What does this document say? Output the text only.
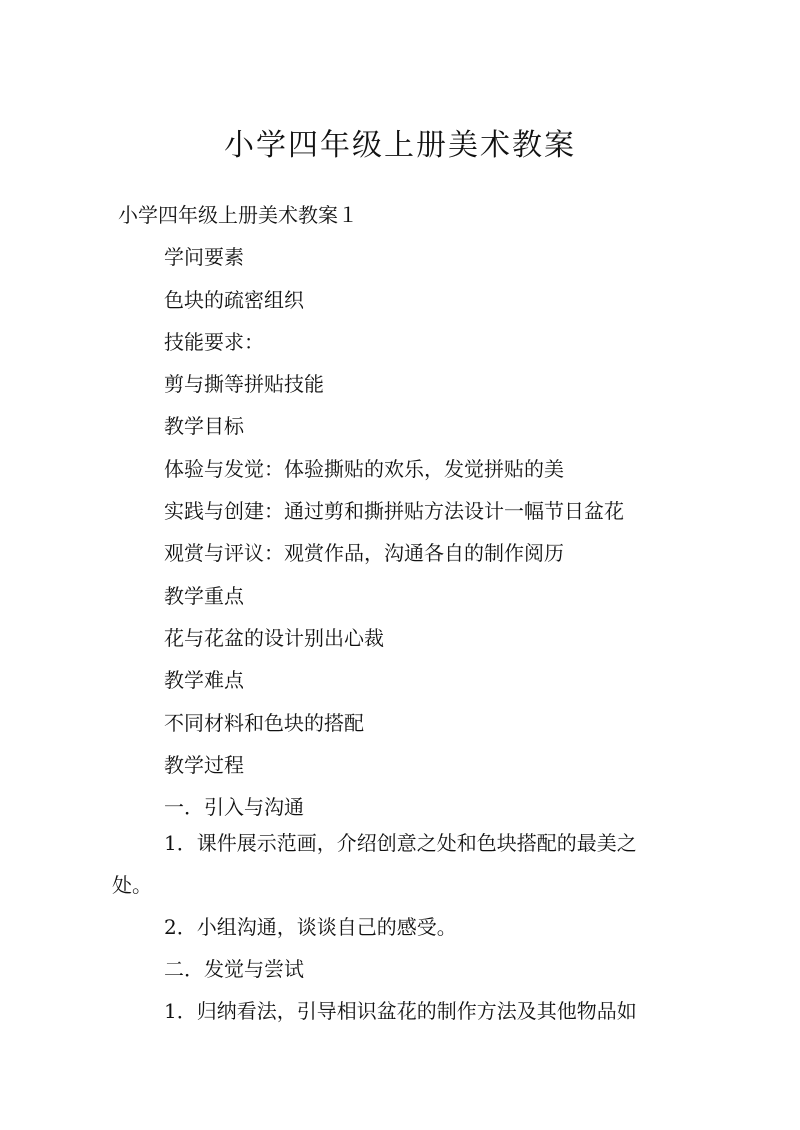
小学四年级上册美术教案
小学四年级上册美术教案１
学问要素
色块的疏密组织
技能要求：
剪与撕等拼贴技能
教学目标
体验与发觉：体验撕贴的欢乐，发觉拼贴的美
实践与创建：通过剪和撕拼贴方法设计一幅节日盆花
观赏与评议：观赏作品，沟通各自的制作阅历
教学重点
花与花盆的设计别出心裁
教学难点
不同材料和色块的搭配
教学过程
一．引入与沟通
1．课件展示范画，介绍创意之处和色块搭配的最美之
处。
2．小组沟通，谈谈自己的感受。
二．发觉与尝试
1．归纳看法，引导相识盆花的制作方法及其他物品如
